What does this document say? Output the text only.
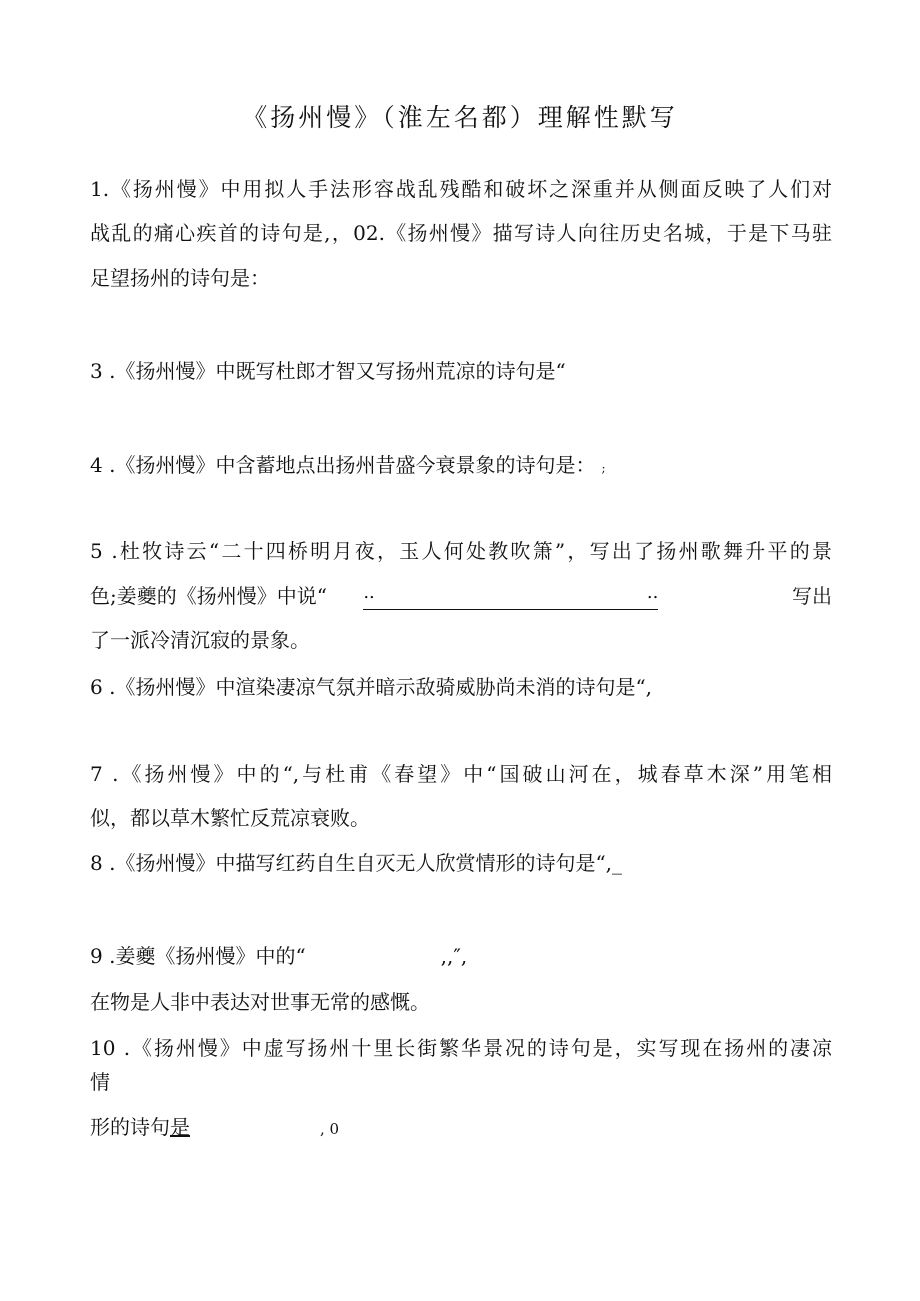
《扬州慢》（淮左名都）理解性默写
1.《扬州慢》中用拟人手法形容战乱残酷和破坏之深重并从侧面反映了人们对
战乱的痛心疾首的诗句是,，02.《扬州慢》描写诗人向往历史名城，于是下马驻
足望扬州的诗句是：
3 .《扬州慢》中既写杜郎才智又写扬州荒凉的诗句是“
4 .《扬州慢》中含蓄地点出扬州昔盛今衰景象的诗句是： ;
5 .杜牧诗云“二十四桥明月夜，玉人何处教吹箫”，写出了扬州歌舞升平的景
色;姜夔的《扬州慢》中说“ ..	..	写出
了一派冷清沉寂的景象。
6 .《扬州慢》中渲染凄凉气氛并暗示敌骑威胁尚未消的诗句是“,
7 .《扬州慢》中的“,与杜甫《春望》中“国破山河在，城春草木深”用笔相
似，都以草木繁忙反荒凉衰败。
8 .《扬州慢》中描写红药自生自灭无人欣赏情形的诗句是“,_
9 .姜夔《扬州慢》中的“	,,″,
在物是人非中表达对世事无常的感慨。
10 .《扬州慢》中虚写扬州十里长街繁华景况的诗句是，实写现在扬州的凄凉
情
形的诗句是	, 0
